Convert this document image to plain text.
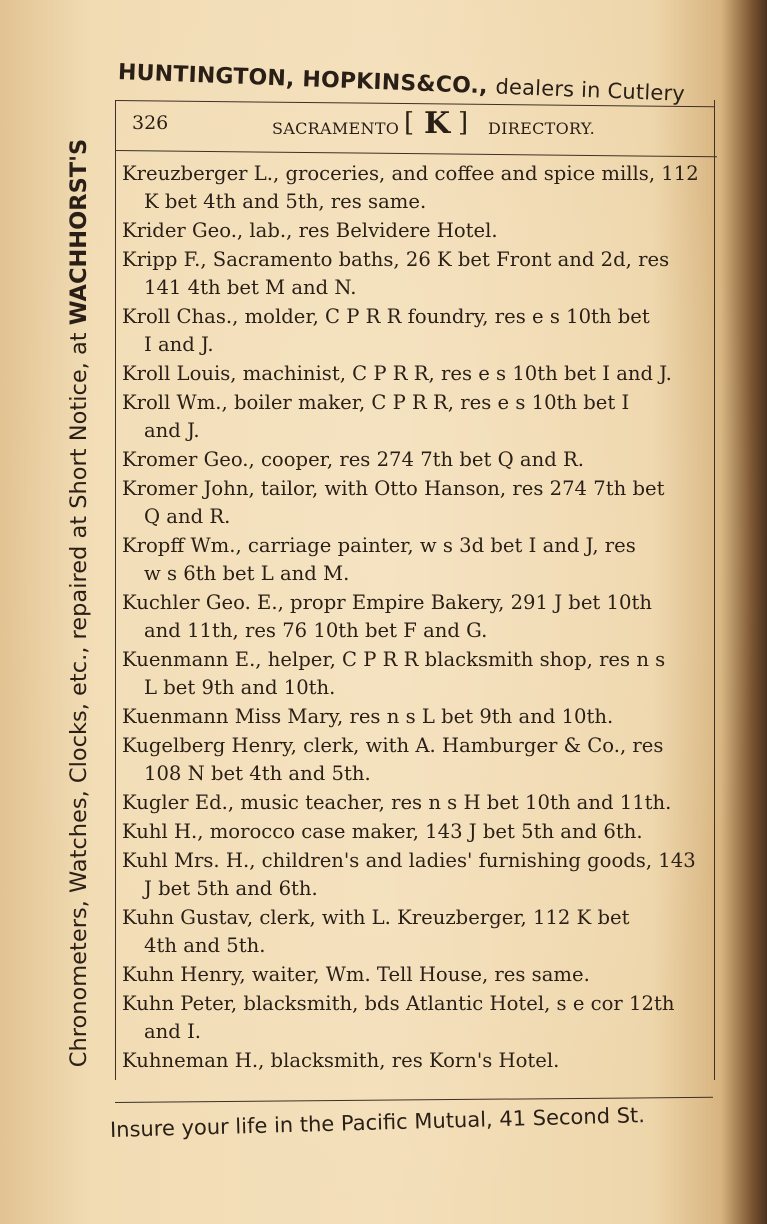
HUNTINGTON, HOPKINS&CO., dealers in Cutlery
Chronometers, Watches, Clocks, etc., repaired at Short Notice, at WACHHORST'S
326	SACRAMENTO [ K ] DIRECTORY.
Kreuzberger L., groceries, and coffee and spice mills, 112
K bet 4th and 5th, res same.
Krider Geo., lab., res Belvidere Hotel.
Kripp F., Sacramento baths, 26 K bet Front and 2d, res
141 4th bet M and N.
Kroll Chas., molder, C P R R foundry, res e s 10th bet
I and J.
Kroll Louis, machinist, C P R R, res e s 10th bet I and J.
Kroll Wm., boiler maker, C P R R, res e s 10th bet I
and J.
Kromer Geo., cooper, res 274 7th bet Q and R.
Kromer John, tailor, with Otto Hanson, res 274 7th bet
Q and R.
Kropff Wm., carriage painter, w s 3d bet I and J, res
w s 6th bet L and M.
Kuchler Geo. E., propr Empire Bakery, 291 J bet 10th
and 11th, res 76 10th bet F and G.
Kuenmann E., helper, C P R R blacksmith shop, res n s
L bet 9th and 10th.
Kuenmann Miss Mary, res n s L bet 9th and 10th.
Kugelberg Henry, clerk, with A. Hamburger & Co., res
108 N bet 4th and 5th.
Kugler Ed., music teacher, res n s H bet 10th and 11th.
Kuhl H., morocco case maker, 143 J bet 5th and 6th.
Kuhl Mrs. H., children's and ladies' furnishing goods, 143
J bet 5th and 6th.
Kuhn Gustav, clerk, with L. Kreuzberger, 112 K bet
4th and 5th.
Kuhn Henry, waiter, Wm. Tell House, res same.
Kuhn Peter, blacksmith, bds Atlantic Hotel, s e cor 12th
and I.
Kuhneman H., blacksmith, res Korn's Hotel.
Insure your life in the Pacific Mutual, 41 Second St.
